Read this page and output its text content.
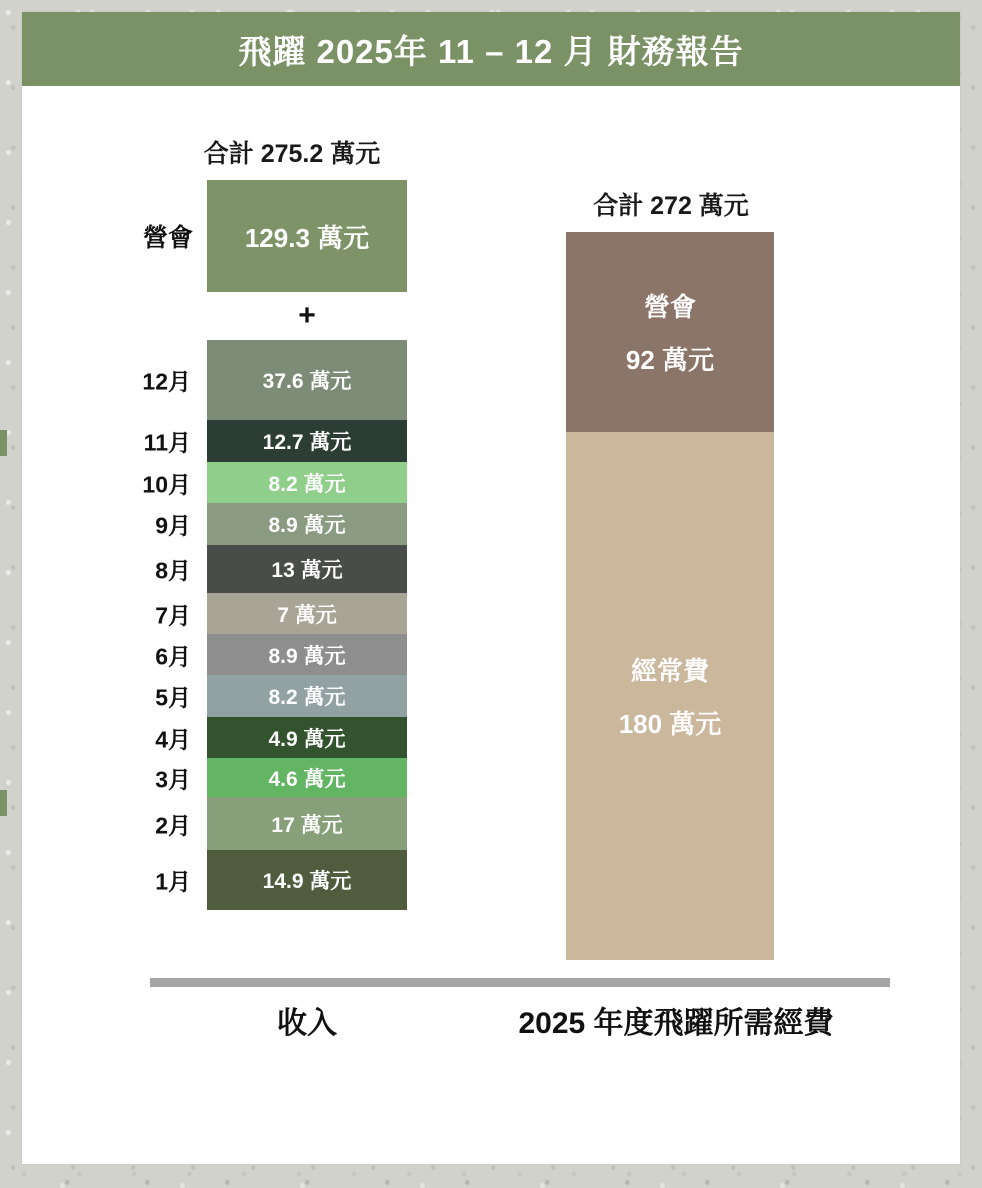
飛躍 2025年 11 – 12 月 財務報告
合計 275.2 萬元
營會 129.3 萬元
+
12月	37.6 萬元
11月	12.7 萬元
10月	8.2 萬元
9月	8.9 萬元
8月	13 萬元
7月	7 萬元
6月	8.9 萬元
5月	8.2 萬元
4月	4.9 萬元
3月	4.6 萬元
2月	17 萬元
1月	14.9 萬元
合計 272 萬元
營會
92 萬元
經常費
180 萬元
收入	2025 年度飛躍所需經費
